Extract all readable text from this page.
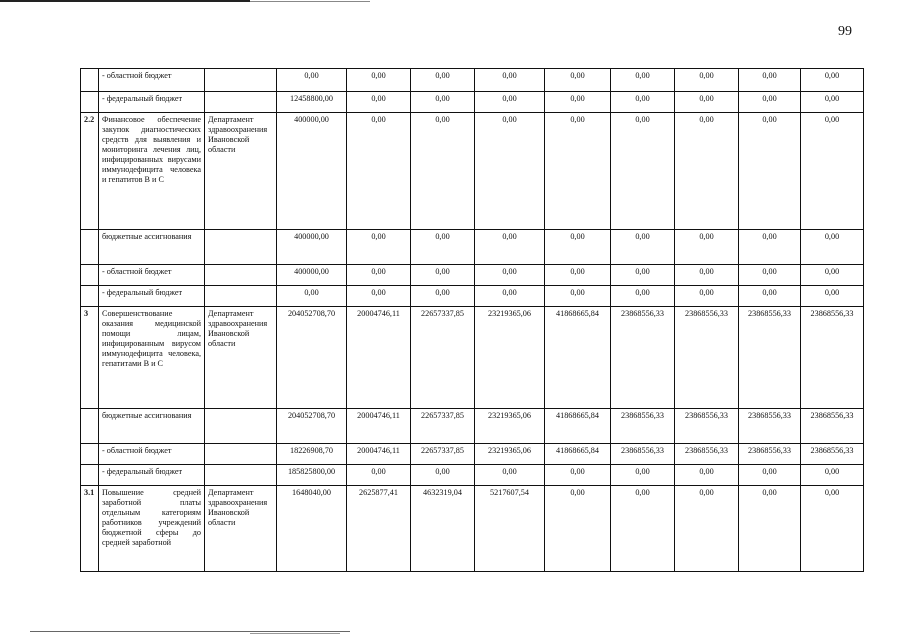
99
	- областной бюджет		0,00	0,00	0,00	0,00	0,00	0,00	0,00	0,00	0,00
	- федеральный бюджет		12458800,00	0,00	0,00	0,00	0,00	0,00	0,00	0,00	0,00
2.2	Финансовое обеспечение закупок диагностических средств для выявления и мониторинга лечения лиц, инфицированных вирусами иммунодефицита человека и гепатитов В и С	Департамент здравоохранения Ивановской области	400000,00	0,00	0,00	0,00	0,00	0,00	0,00	0,00	0,00
	бюджетные ассигнования		400000,00	0,00	0,00	0,00	0,00	0,00	0,00	0,00	0,00
	- областной бюджет		400000,00	0,00	0,00	0,00	0,00	0,00	0,00	0,00	0,00
	- федеральный бюджет		0,00	0,00	0,00	0,00	0,00	0,00	0,00	0,00	0,00
3	Совершенствование оказания медицинской помощи лицам, инфицированным вирусом иммунодефицита человека, гепатитами В и С	Департамент здравоохранения Ивановской области	204052708,70	20004746,11	22657337,85	23219365,06	41868665,84	23868556,33	23868556,33	23868556,33	23868556,33
	бюджетные ассигнования		204052708,70	20004746,11	22657337,85	23219365,06	41868665,84	23868556,33	23868556,33	23868556,33	23868556,33
	- областной бюджет		18226908,70	20004746,11	22657337,85	23219365,06	41868665,84	23868556,33	23868556,33	23868556,33	23868556,33
	- федеральный бюджет		185825800,00	0,00	0,00	0,00	0,00	0,00	0,00	0,00	0,00
3.1	Повышение средней заработной платы отдельным категориям работников учреждений бюджетной сферы до средней заработной	Департамент здравоохранения Ивановской области	1648040,00	2625877,41	4632319,04	5217607,54	0,00	0,00	0,00	0,00	0,00
